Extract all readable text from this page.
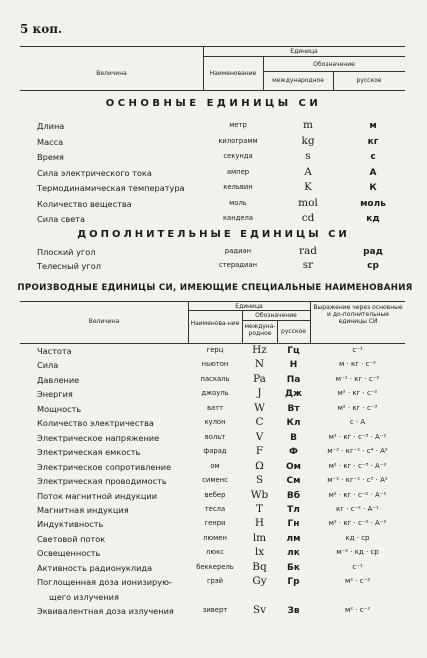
5 коп.
Величина
Единица
Наименование
Обозначение
международное	русское
ОСНОВНЫЕ ЕДИНИЦЫ СИ
Длина	метр	m	м
Масса	килограмм	kg	кг
Время	секунда	s	с
Сила электрического тока	ампер	A	А
Термодинамическая температура	кельвин	K	К
Количество вещества	моль	mol	моль
Сила света	кандела	cd	кд
ДОПОЛНИТЕЛЬНЫЕ ЕДИНИЦЫ СИ
Плоский угол	радиан	rad	рад
Телесный угол	стерадиан	sr	ср
ПРОИЗВОДНЫЕ ЕДИНИЦЫ СИ, ИМЕЮЩИЕ СПЕЦИАЛЬНЫЕ НАИМЕНОВАНИЯ
Величина
Единица
Наименова-ние
Обозначение
междуна-родное	русское
Выражение через основные и до-полнительные единицы СИ
Частота	герц	Hz	Гц	с⁻¹
Сила	ньютон	N	Н	м · кг · с⁻²
Давление	паскаль	Pa	Па	м⁻¹ · кг · с⁻²
Энергия	джоуль	J	Дж	м² · кг · с⁻²
Мощность	ватт	W	Вт	м² · кг · с⁻³
Количество электричества	кулон	C	Кл	с · А
Электрическое напряжение	вольт	V	В	м² · кг · с⁻³ · А⁻¹
Электрическая емкость	фарад	F	Ф	м⁻² · кг⁻¹ · с⁴ · А²
Электрическое сопротивление	ом	Ω	Ом	м² · кг · с⁻³ · А⁻²
Электрическая проводимость	сименс	S	См	м⁻² · кг⁻¹ · с³ · А²
Поток магнитной индукции	вебер	Wb	Вб	м² · кг · с⁻² · А⁻¹
Магнитная индукция	тесла	T	Тл	кг · с⁻² · А⁻¹
Индуктивность	генри	H	Гн	м² · кг · с⁻² · А⁻²
Световой поток	люмен	lm	лм	кд · ср
Освещенность	люкс	lx	лк	м⁻² · кд · ср
Активность радионуклида	беккерель	Bq	Бк	с⁻¹
Поглощенная доза ионизирую-	грэй	Gy	Гр	м² · с⁻²
щего излучения
Эквивалентная доза излучения	зиверт	Sv	Зв	м² · с⁻²
